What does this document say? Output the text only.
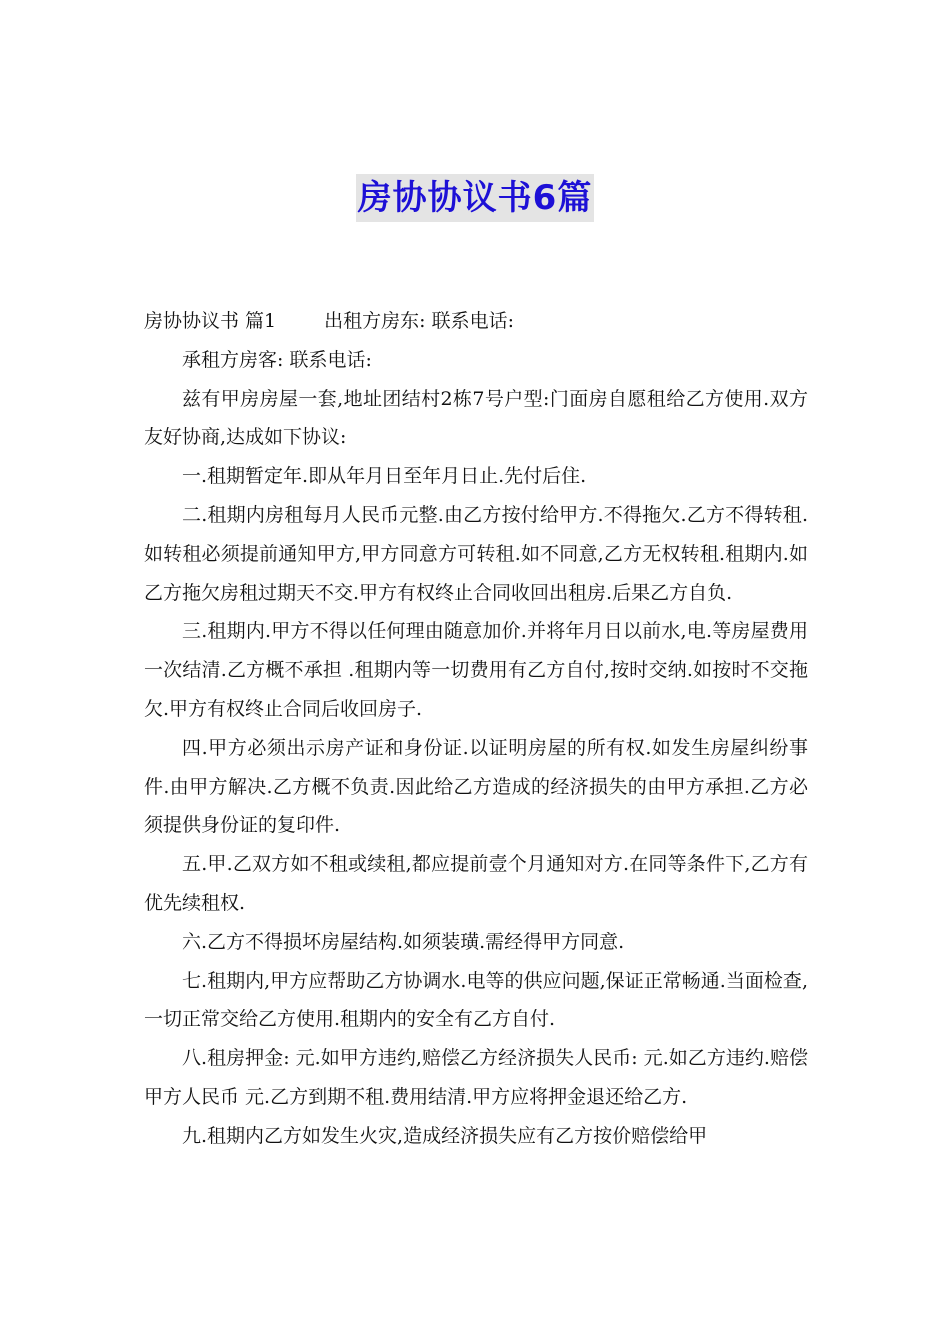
房协协议书6篇

房协协议书 篇1	出租方房东: 联系电话:

承租方房客: 联系电话:

兹有甲房房屋一套,地址团结村2栋7号户型:门面房自愿租给乙方使用.双方友好协商,达成如下协议:

一.租期暂定年.即从年月日至年月日止.先付后住.

二.租期内房租每月人民币元整.由乙方按付给甲方.不得拖欠.乙方不得转租.如转租必须提前通知甲方,甲方同意方可转租.如不同意,乙方无权转租.租期内.如乙方拖欠房租过期天不交.甲方有权终止合同收回出租房.后果乙方自负.

三.租期内.甲方不得以任何理由随意加价.并将年月日以前水,电.等房屋费用一次结清.乙方概不承担 .租期内等一切费用有乙方自付,按时交纳.如按时不交拖欠.甲方有权终止合同后收回房子.

四.甲方必须出示房产证和身份证.以证明房屋的所有权.如发生房屋纠纷事件.由甲方解决.乙方概不负责.因此给乙方造成的经济损失的由甲方承担.乙方必须提供身份证的复印件.

五.甲.乙双方如不租或续租,都应提前壹个月通知对方.在同等条件下,乙方有优先续租权.

六.乙方不得损坏房屋结构.如须装璜.需经得甲方同意.

七.租期内,甲方应帮助乙方协调水.电等的供应问题,保证正常畅通.当面检查,一切正常交给乙方使用.租期内的安全有乙方自付.

八.租房押金: 元.如甲方违约,赔偿乙方经济损失人民币: 元.如乙方违约.赔偿甲方人民币 元.乙方到期不租.费用结清.甲方应将押金退还给乙方.

九.租期内乙方如发生火灾,造成经济损失应有乙方按价赔偿给甲
